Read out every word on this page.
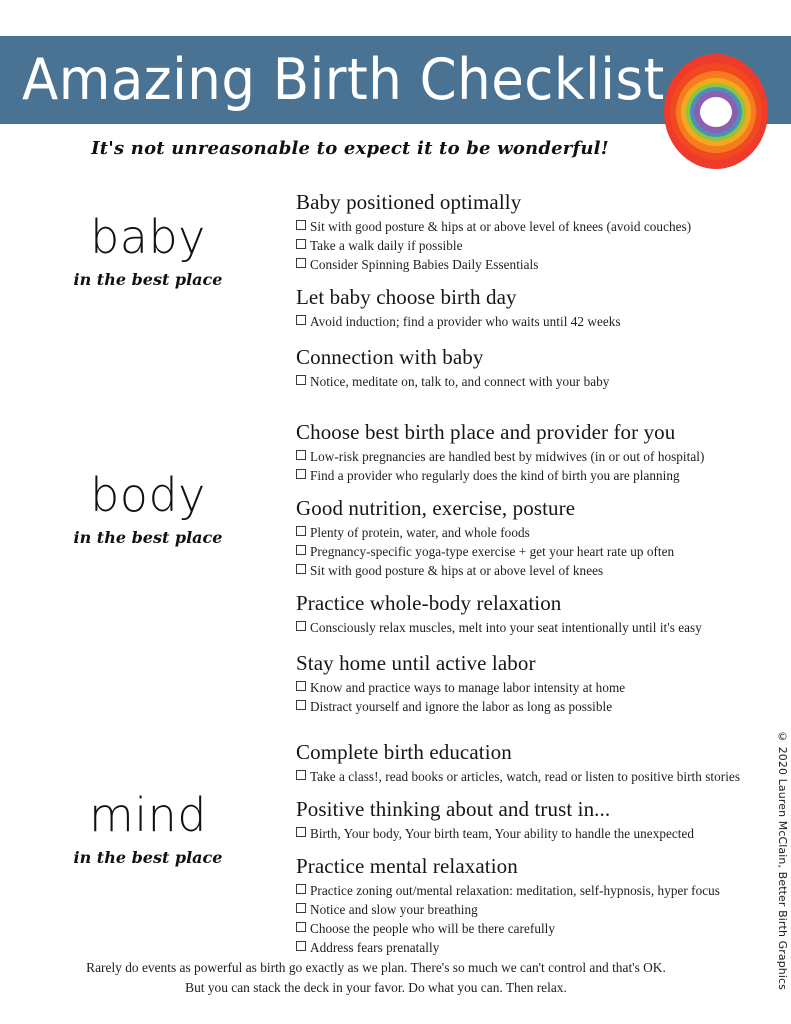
Amazing Birth Checklist
It's not unreasonable to expect it to be wonderful!
baby
in the best place
Baby positioned optimally
Sit with good posture & hips at or above level of knees (avoid couches)
Take a walk daily if possible
Consider Spinning Babies Daily Essentials
Let baby choose birth day
Avoid induction; find a provider who waits until 42 weeks
Connection with baby
Notice, meditate on, talk to, and connect with your baby
body
in the best place
Choose best birth place and provider for you
Low-risk pregnancies are handled best by midwives (in or out of hospital)
Find a provider who regularly does the kind of birth you are planning
Good nutrition, exercise, posture
Plenty of protein, water, and whole foods
Pregnancy-specific yoga-type exercise + get your heart rate up often
Sit with good posture & hips at or above level of knees
Practice whole-body relaxation
Consciously relax muscles, melt into your seat intentionally until it's easy
Stay home until active labor
Know and practice ways to manage labor intensity at home
Distract yourself and ignore the labor as long as possible
mind
in the best place
Complete birth education
Take a class!, read books or articles, watch, read or listen to positive birth stories
Positive thinking about and trust in...
Birth, Your body, Your birth team, Your ability to handle the unexpected
Practice mental relaxation
Practice zoning out/mental relaxation: meditation, self-hypnosis, hyper focus
Notice and slow your breathing
Choose the people who will be there carefully
Address fears prenatally
Rarely do events as powerful as birth go exactly as we plan. There's so much we can't control and that's OK.
But you can stack the deck in your favor. Do what you can. Then relax.	© 2020 Lauren McClain, Better Birth Graphics
